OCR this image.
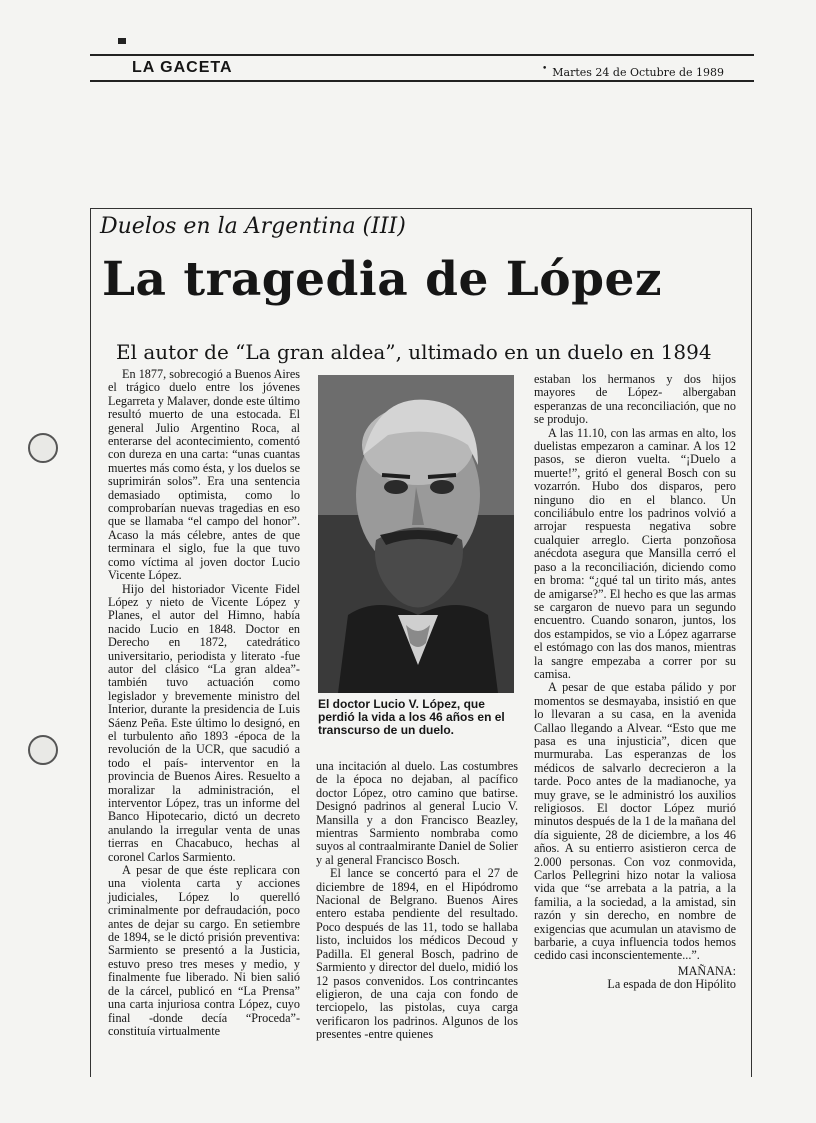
LA GACETA	• Martes 24 de Octubre de 1989
Duelos en la Argentina (III)
La tragedia de López
El autor de “La gran aldea”, ultimado en un duelo en 1894

En 1877, sobrecogió a Buenos Aires el trágico duelo entre los jóvenes Legarreta y Malaver, donde este último resultó muerto de una estocada. El general Julio Argentino Roca, al enterarse del acontecimiento, comentó con dureza en una carta: “unas cuantas muertes más como ésta, y los duelos se suprimirán solos”. Era una sentencia demasiado optimista, como lo comprobarían nuevas tragedias en eso que se llamaba “el campo del honor”. Acaso la más célebre, antes de que terminara el siglo, fue la que tuvo como víctima al joven doctor Lucio Vicente López.

Hijo del historiador Vicente Fidel López y nieto de Vicente López y Planes, el autor del Himno, había nacido Lucio en 1848. Doctor en Derecho en 1872, catedrático universitario, periodista y literato -fue autor del clásico “La gran aldea”- también tuvo actuación como legislador y brevemente ministro del Interior, durante la presidencia de Luis Sáenz Peña. Este último lo designó, en el turbulento año 1893 -época de la revolución de la UCR, que sacudió a todo el país- interventor en la provincia de Buenos Aires. Resuelto a moralizar la administración, el interventor López, tras un informe del Banco Hipotecario, dictó un decreto anulando la irregular venta de unas tierras en Chacabuco, hechas al coronel Carlos Sarmiento.

A pesar de que éste replicara con una violenta carta y acciones judiciales, López lo querelló criminalmente por defraudación, poco antes de dejar su cargo. En setiembre de 1894, se le dictó prisión preventiva: Sarmiento se presentó a la Justicia, estuvo preso tres meses y medio, y finalmente fue liberado. Ni bien salió de la cárcel, publicó en “La Prensa” una carta injuriosa contra López, cuyo final -donde decía “Proceda”- constituía virtualmente

El doctor Lucio V. López, que perdió la vida a los 46 años en el transcurso de un duelo.

una incitación al duelo. Las costumbres de la época no dejaban, al pacífico doctor López, otro camino que batirse. Designó padrinos al general Lucio V. Mansilla y a don Francisco Beazley, mientras Sarmiento nombraba como suyos al contraalmirante Daniel de Solier y al general Francisco Bosch.

El lance se concertó para el 27 de diciembre de 1894, en el Hipódromo Nacional de Belgrano. Buenos Aires entero estaba pendiente del resultado. Poco después de las 11, todo se hallaba listo, incluidos los médicos Decoud y Padilla. El general Bosch, padrino de Sarmiento y director del duelo, midió los 12 pasos convenidos. Los contrincantes eligieron, de una caja con fondo de terciopelo, las pistolas, cuya carga verificaron los padrinos. Algunos de los presentes -entre quienes

estaban los hermanos y dos hijos mayores de López- albergaban esperanzas de una reconciliación, que no se produjo.

A las 11.10, con las armas en alto, los duelistas empezaron a caminar. A los 12 pasos, se dieron vuelta. “¡Duelo a muerte!”, gritó el general Bosch con su vozarrón. Hubo dos disparos, pero ninguno dio en el blanco. Un conciliábulo entre los padrinos volvió a arrojar respuesta negativa sobre cualquier arreglo. Cierta ponzoñosa anécdota asegura que Mansilla cerró el paso a la reconciliación, diciendo como en broma: “¿qué tal un tirito más, antes de amigarse?”. El hecho es que las armas se cargaron de nuevo para un segundo encuentro. Cuando sonaron, juntos, los dos estampidos, se vio a López agarrarse el estómago con las dos manos, mientras la sangre empezaba a correr por su camisa.

A pesar de que estaba pálido y por momentos se desmayaba, insistió en que lo llevaran a su casa, en la avenida Callao llegando a Alvear. “Esto que me pasa es una injusticia”, dicen que murmuraba. Las esperanzas de los médicos de salvarlo decrecieron a la tarde. Poco antes de la madianoche, ya muy grave, se le administró los auxilios religiosos. El doctor López murió minutos después de la 1 de la mañana del día siguiente, 28 de diciembre, a los 46 años. A su entierro asistieron cerca de 2.000 personas. Con voz conmovida, Carlos Pellegrini hizo notar la valiosa vida que “se arrebata a la patria, a la familia, a la sociedad, a la amistad, sin razón y sin derecho, en nombre de exigencias que acumulan un atavismo de barbarie, a cuya influencia todos hemos cedido casi inconscientemente...”.

MAÑANA:
La espada de don Hipólito
